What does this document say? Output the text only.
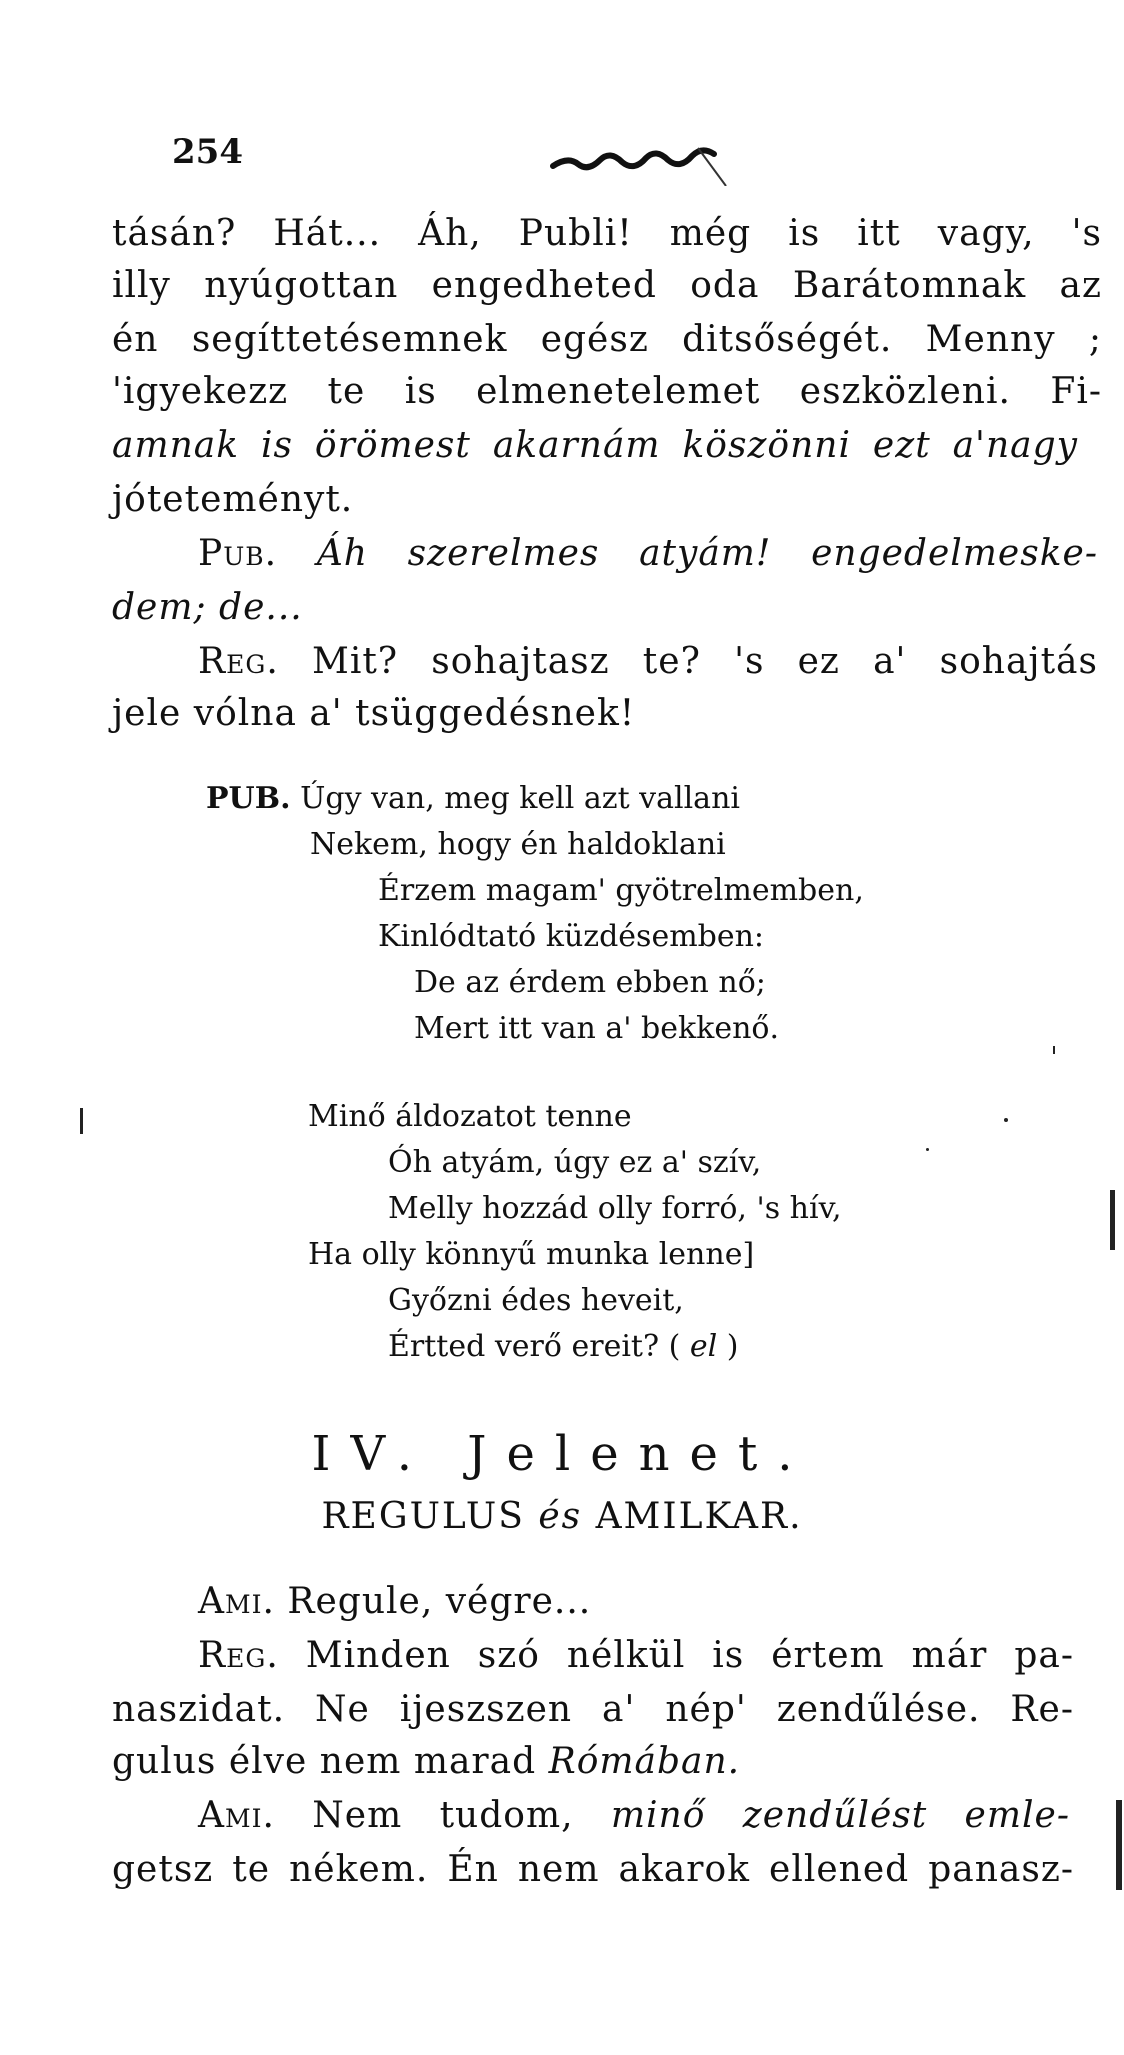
254
tásán? Hát... Áh, Publi! még is itt vagy, 's
illy nyúgottan engedheted oda Barátomnak az
én segíttetésemnek egész ditsőségét. Menny ;
'igyekezz te is elmenetelemet eszközleni. Fi-
amnak is örömest akarnám köszönni ezt a'nagy
jóteteményt.
Pub. Áh szerelmes atyám! engedelmeske-
dem; de...
Reg. Mit? sohajtasz te? 's ez a' sohajtás
jele vólna a' tsüggedésnek!
PUB. Úgy van, meg kell azt vallani
Nekem, hogy én haldoklani
Érzem magam' gyötrelmemben,
Kinlódtató küzdésemben:
De az érdem ebben nő;
Mert itt van a' bekkenő.
Minő áldozatot tenne
Óh atyám, úgy ez a' szív,
Melly hozzád olly forró, 's hív,
Ha olly könnyű munka lenne]
Győzni édes heveit,
Értted verő ereit? ( el )
IV. Jelenet.
REGULUS és AMILKAR.
Ami. Regule, végre...
Reg. Minden szó nélkül is értem már pa-
naszidat. Ne ijeszszen a' nép' zendűlése. Re-
gulus élve nem marad Rómában.
Ami. Nem tudom, minő zendűlést emle-
getsz te nékem. Én nem akarok ellened panasz-
